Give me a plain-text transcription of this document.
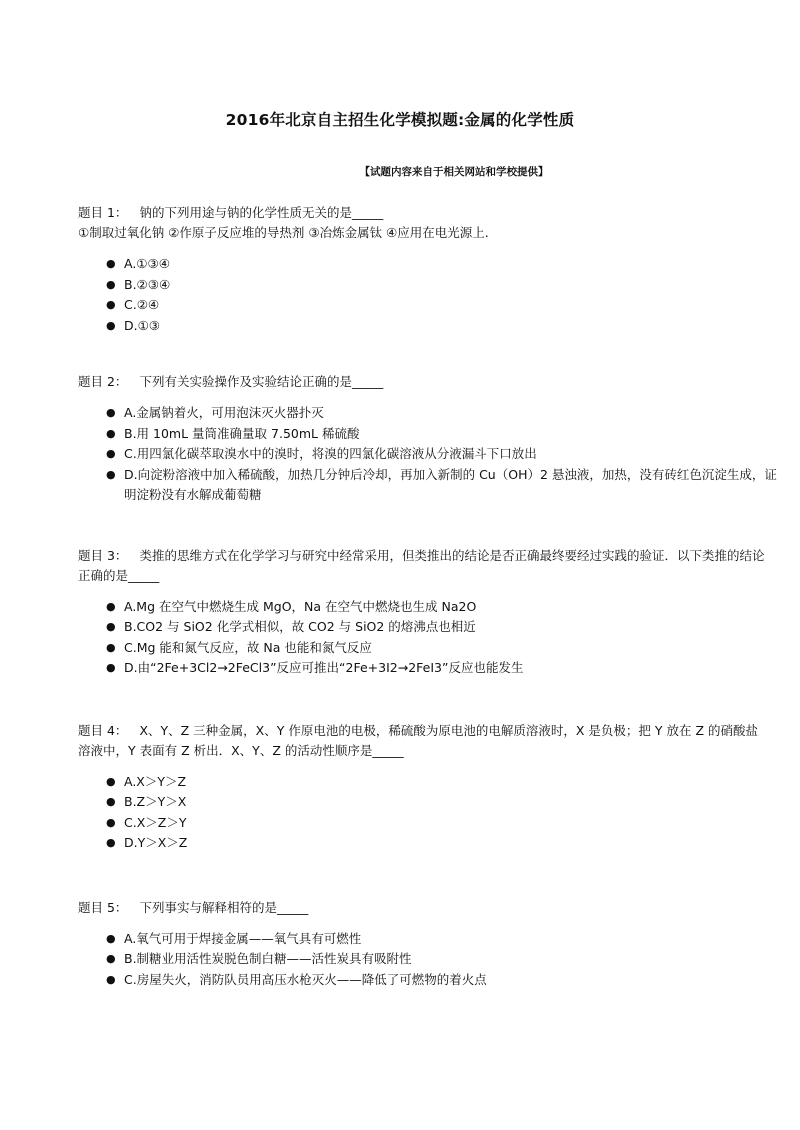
2016年北京自主招生化学模拟题:金属的化学性质
【试题内容来自于相关网站和学校提供】

题目 1： 钠的下列用途与钠的化学性质无关的是_____

①制取过氧化钠 ②作原子反应堆的导热剂 ③冶炼金属钛 ④应用在电光源上.

● A.①③④
● B.②③④
● C.②④
● D.①③

题目 2： 下列有关实验操作及实验结论正确的是_____

● A.金属钠着火，可用泡沫灭火器扑灭
● B.用 10mL 量筒准确量取 7.50mL 稀硫酸
● C.用四氯化碳萃取溴水中的溴时，将溴的四氯化碳溶液从分液漏斗下口放出
● D.向淀粉溶液中加入稀硫酸，加热几分钟后冷却，再加入新制的 Cu（OH）2 悬浊液，加热，没有砖红色沉淀生成，证明淀粉没有水解成葡萄糖

题目 3： 类推的思维方式在化学学习与研究中经常采用，但类推出的结论是否正确最终要经过实践的验证．以下类推的结论正确的是_____

● A.Mg 在空气中燃烧生成 MgO，Na 在空气中燃烧也生成 Na2O
● B.CO2 与 SiO2 化学式相似，故 CO2 与 SiO2 的熔沸点也相近
● C.Mg 能和氮气反应，故 Na 也能和氮气反应
● D.由“2Fe+3Cl2→2FeCl3”反应可推出“2Fe+3I2→2FeI3”反应也能发生

题目 4： X、Y、Z 三种金属，X、Y 作原电池的电极，稀硫酸为原电池的电解质溶液时，X 是负极；把 Y 放在 Z 的硝酸盐溶液中，Y 表面有 Z 析出．X、Y、Z 的活动性顺序是_____

● A.X＞Y＞Z
● B.Z＞Y＞X
● C.X＞Z＞Y
● D.Y＞X＞Z

题目 5： 下列事实与解释相符的是_____

● A.氧气可用于焊接金属——氧气具有可燃性
● B.制糖业用活性炭脱色制白糖——活性炭具有吸附性
● C.房屋失火，消防队员用高压水枪灭火——降低了可燃物的着火点
